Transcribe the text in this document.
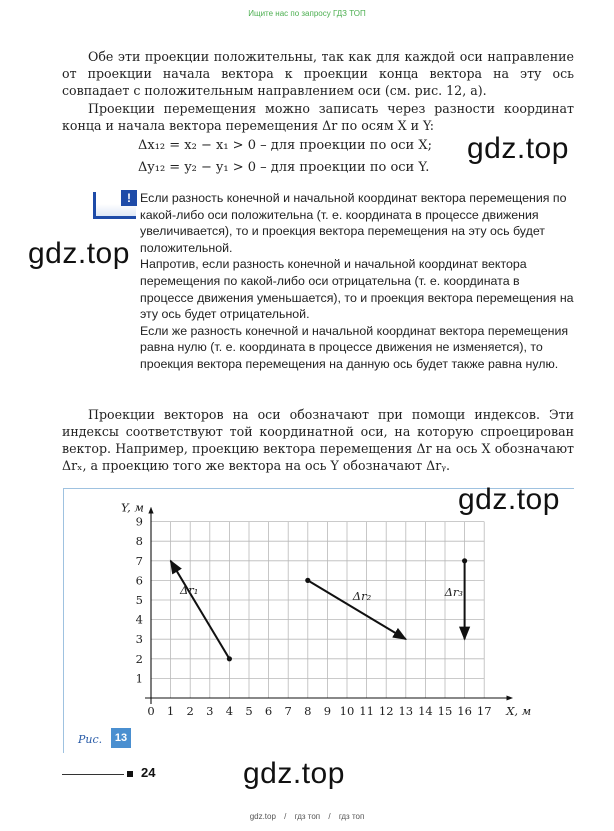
Ищите нас по запросу ГДЗ ТОП

Обе эти проекции положительны, так как для каждой оси направление от проекции начала вектора к проекции конца вектора на эту ось совпадает с положительным направлением оси (см. рис. 12, а).

Проекции перемещения можно записать через разности координат конца и начала вектора перемещения Δr по осям X и Y:

Δx₁₂ = x₂ − x₁ > 0 – для проекции по оси X;
Δy₁₂ = y₂ − y₁ > 0 – для проекции по оси Y.
gdz.top
! Если разность конечной и начальной координат вектора перемещения по какой-либо оси положительна (т. е. координата в процессе движения увеличивается), то и проекция вектора перемещения на эту ось будет положительной.

Напротив, если разность конечной и начальной координат вектора перемещения по какой-либо оси отрицательна (т. е. координата в процессе движения уменьшается), то и проекция вектора перемещения на эту ось будет отрицательной.

Если же разность конечной и начальной координат вектора перемещения равна нулю (т. е. координата в процессе движения не изменяется), то проекция вектора перемещения на данную ось будет также равна нулю.

gdz.top

Проекции векторов на оси обозначают при помощи индексов. Эти индексы соответствуют той координатной оси, на которую спроецирован вектор. Например, проекцию вектора перемещения Δr на ось X обозначают Δrₓ, а проекцию того же вектора на ось Y обозначают Δrᵧ.

0 1 2 3 4 5 6 7 8 9 10 11 12 13 14 15 16 17
1
2
3
4
5
6
7
8
9
X, м
Y, м
Δr₁	Δr₂	Δr₃
gdz.top
Рис.	13
24	gdz.top
gdz.top / гдз топ / гдз топ
